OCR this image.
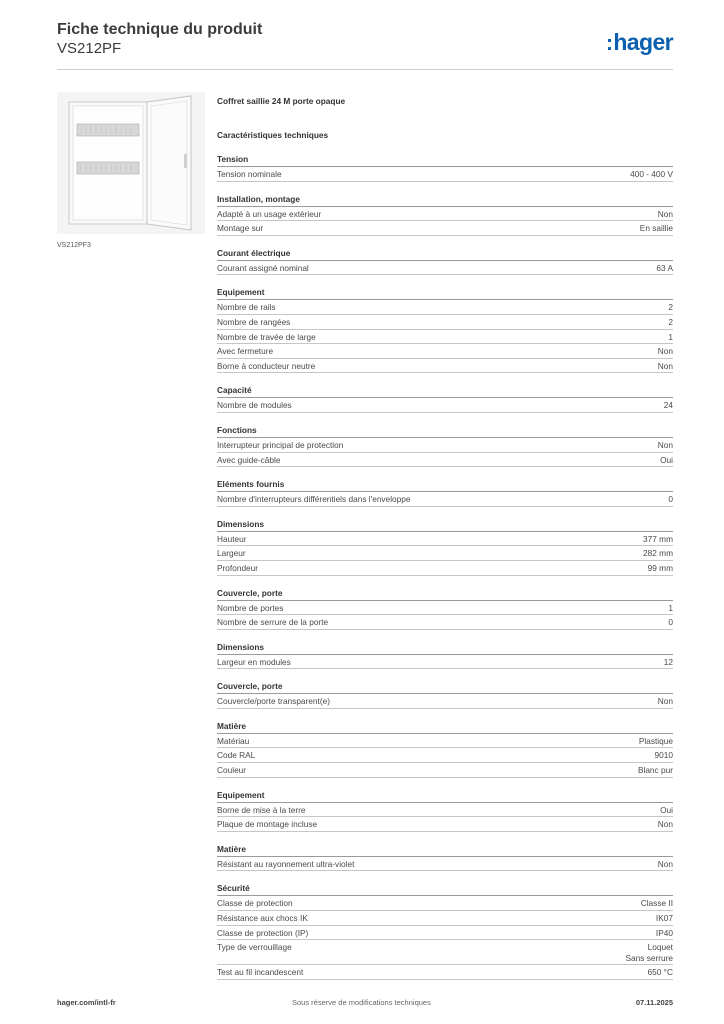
Fiche technique du produit
VS212PF	:hager
VS212PF3
Coffret saillie 24 M porte opaque
Caractéristiques techniques
Tension
Tension nominale	400 - 400 V
Installation, montage
Adapté à un usage extérieur	Non
Montage sur	En saillie
Courant électrique
Courant assigné nominal	63 A
Equipement
Nombre de rails	2
Nombre de rangées	2
Nombre de travée de large	1
Avec fermeture	Non
Borne à conducteur neutre	Non
Capacité
Nombre de modules	24
Fonctions
Interrupteur principal de protection	Non
Avec guide-câble	Oui
Eléments fournis
Nombre d'interrupteurs différentiels dans l'enveloppe	0
Dimensions
Hauteur	377 mm
Largeur	282 mm
Profondeur	99 mm
Couvercle, porte
Nombre de portes	1
Nombre de serrure de la porte	0
Dimensions
Largeur en modules	12
Couvercle, porte
Couvercle/porte transparent(e)	Non
Matière
Matériau	Plastique
Code RAL	9010
Couleur	Blanc pur
Equipement
Borne de mise à la terre	Oui
Plaque de montage incluse	Non
Matière
Résistant au rayonnement ultra-violet	Non
Sécurité
Classe de protection	Classe II
Résistance aux chocs IK	IK07
Classe de protection (IP)	IP40
Type de verrouillage	Loquet
Sans serrure
Test au fil incandescent	650 °C
hager.com/intl-fr	Sous réserve de modifications techniques	07.11.2025
